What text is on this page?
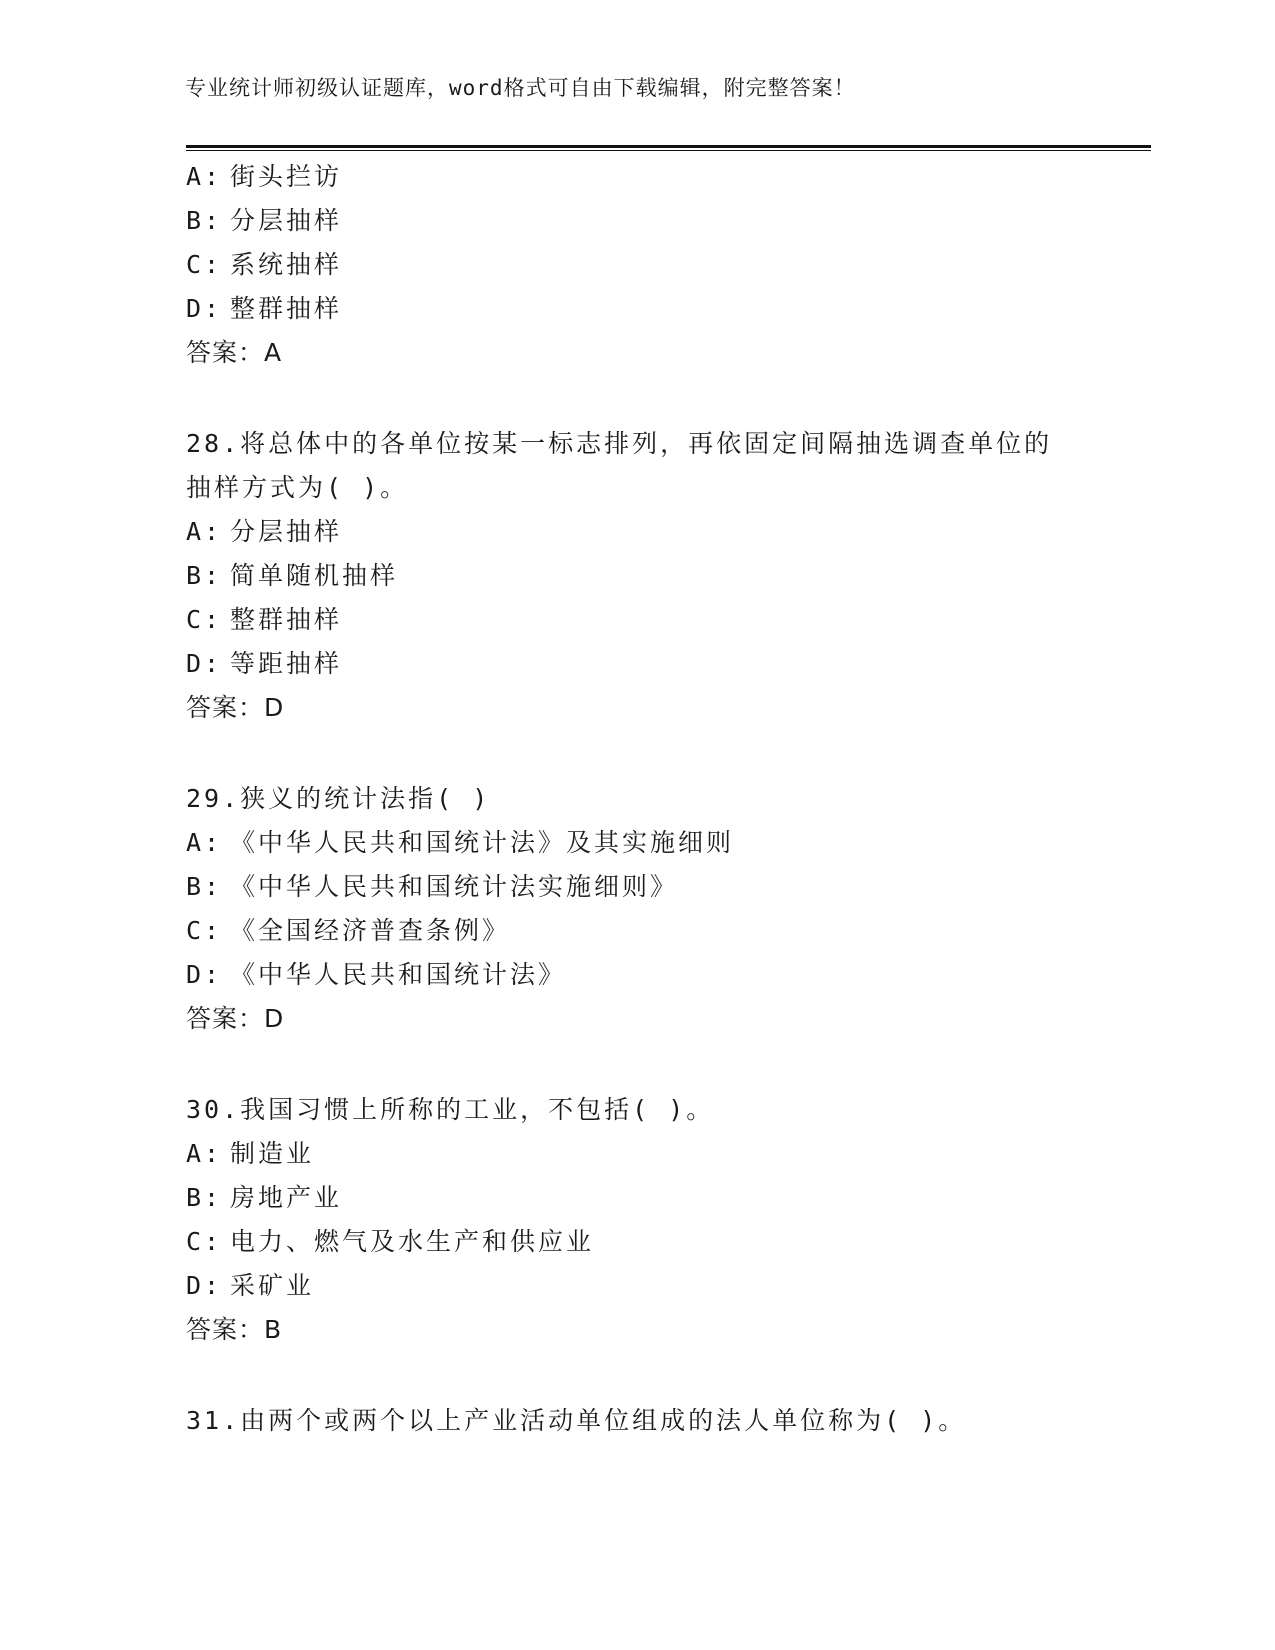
专业统计师初级认证题库，word格式可自由下载编辑，附完整答案！
A: 街头拦访
B: 分层抽样
C: 系统抽样
D: 整群抽样
答案：A
28.将总体中的各单位按某一标志排列，再依固定间隔抽选调查单位的
抽样方式为( )。
A: 分层抽样
B: 简单随机抽样
C: 整群抽样
D: 等距抽样
答案：D
29.狭义的统计法指( )
A: 《中华人民共和国统计法》及其实施细则
B: 《中华人民共和国统计法实施细则》
C: 《全国经济普查条例》
D: 《中华人民共和国统计法》
答案：D
30.我国习惯上所称的工业，不包括( )。
A: 制造业
B: 房地产业
C: 电力、燃气及水生产和供应业
D: 采矿业
答案：B
31.由两个或两个以上产业活动单位组成的法人单位称为( )。
